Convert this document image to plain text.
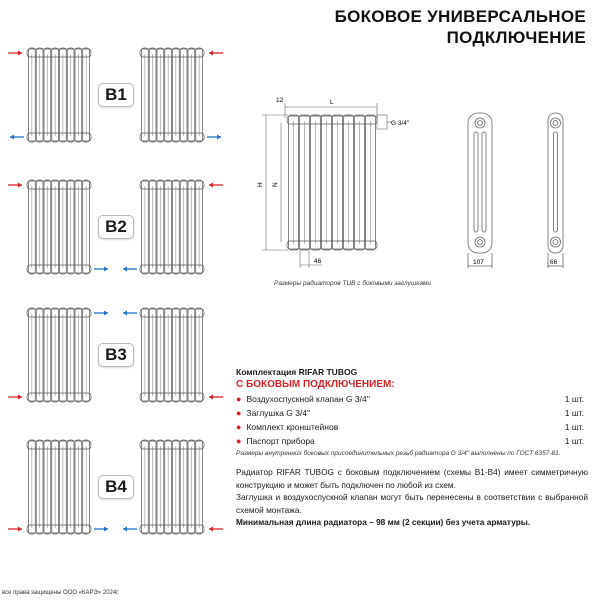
БОКОВОЕ УНИВЕРСАЛЬНОЕ
ПОДКЛЮЧЕНИЕ
B1
B2
B3
B4
12	L
G 3/4''
H N
46	107	66
Размеры радиаторов TUB с боковыми заглушками
Комплектация RIFAR TUBOG
С БОКОВЫМ ПОДКЛЮЧЕНИЕМ:
● Воздухоспускной клапан G 3/4''	1 шт.
● Заглушка G 3/4''	1 шт.
● Комплект кронштейнов	1 шт.
● Паспорт прибора	1 шт.
Размеры внутренних боковых присоединительных резьб радиатора G 3/4'' выполнены по ГОСТ 6357-81.

Радиатор RIFAR TUBOG с боковым подключением (схемы B1-B4) имеет симметричную конструкцию и может быть подключен по любой из схем.

Заглушка и воздухоспускной клапан могут быть перенесены в соответствии с выбранной схемой монтажа.

Минимальная длина радиатора – 98 мм (2 секции) без учета арматуры.

все права защищены ООО «КАРЭ» 2024г.
